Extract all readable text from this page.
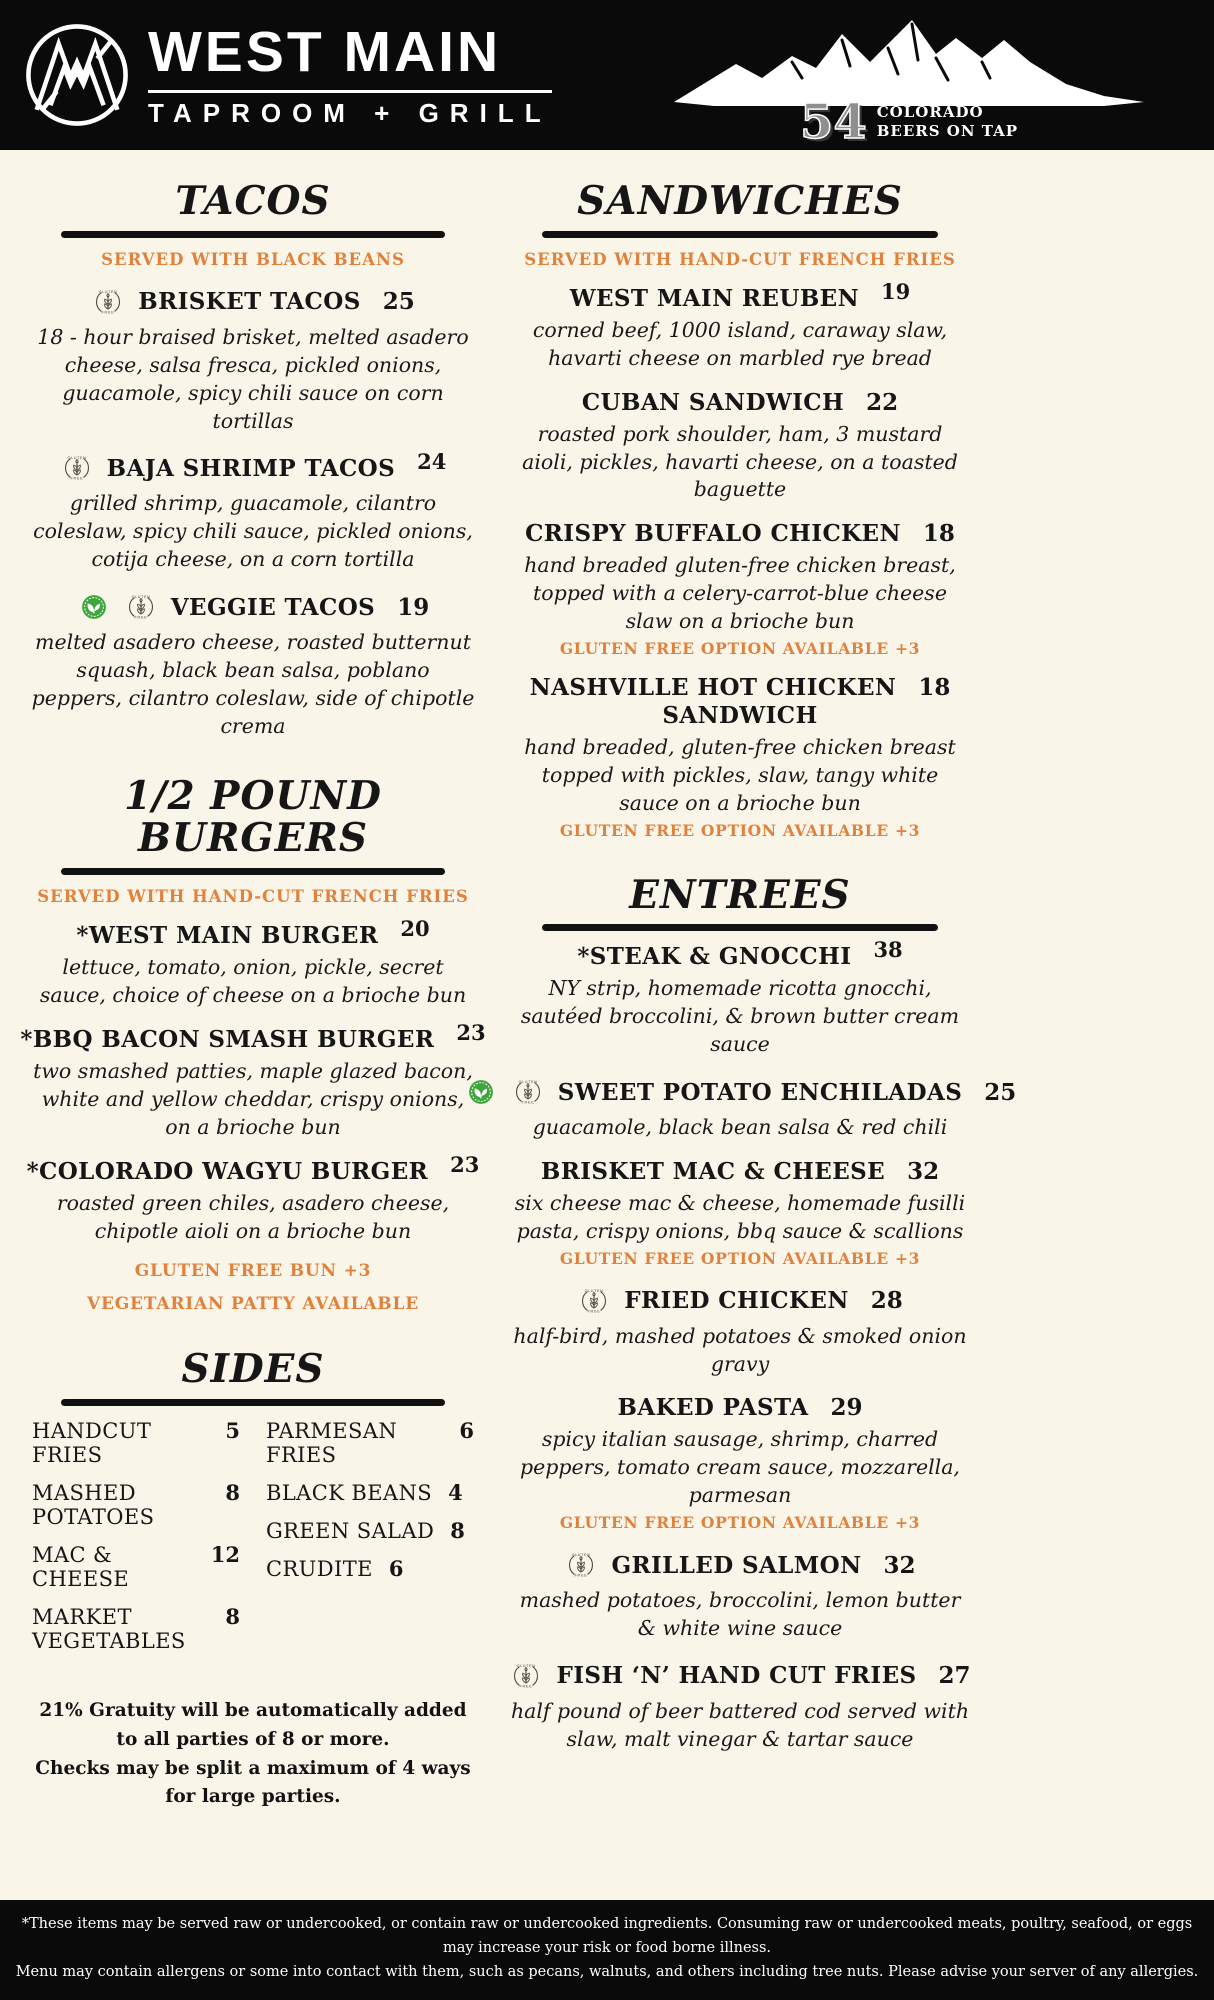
WEST MAIN
TAPROOM + GRILL	54 COLORADO
BEERS ON TAP
TACOS
SERVED WITH BLACK BEANS
GLUTEN
FREE BRISKET TACOS 25
18 - hour braised brisket, melted asadero cheese, salsa fresca, pickled onions, guacamole, spicy chili sauce on corn tortillas
GLUTEN
FREE BAJA SHRIMP TACOS 24
grilled shrimp, guacamole, cilantro coleslaw, spicy chili sauce, pickled onions, cotija cheese, on a corn tortilla
GLUTEN
FREE VEGGIE TACOS 19
melted asadero cheese, roasted butternut squash, black bean salsa, poblano peppers, cilantro coleslaw, side of chipotle crema
1/2 POUND BURGERS
SERVED WITH HAND-CUT FRENCH FRIES
*WEST MAIN BURGER 20
lettuce, tomato, onion, pickle, secret sauce, choice of cheese on a brioche bun
*BBQ BACON SMASH BURGER 23
two smashed patties, maple glazed bacon, white and yellow cheddar, crispy onions, on a brioche bun
*COLORADO WAGYU BURGER 23
roasted green chiles, asadero cheese, chipotle aioli on a brioche bun
GLUTEN FREE BUN +3
VEGETARIAN PATTY AVAILABLE
SIDES
HANDCUT FRIES
5
MASHED POTATOES
8
MAC & CHEESE
12
MARKET VEGETABLES
8
PARMESAN FRIES
6
BLACK BEANS 4
GREEN SALAD 8
CRUDITE 6
21% Gratuity will be automatically added to all parties of 8 or more.
Checks may be split a maximum of 4 ways for large parties.
SANDWICHES
SERVED WITH HAND-CUT FRENCH FRIES
WEST MAIN REUBEN 19
corned beef, 1000 island, caraway slaw, havarti cheese on marbled rye bread
CUBAN SANDWICH 22
roasted pork shoulder, ham, 3 mustard aioli, pickles, havarti cheese, on a toasted baguette
CRISPY BUFFALO CHICKEN 18
hand breaded gluten-free chicken breast, topped with a celery-carrot-blue cheese slaw on a brioche bun
GLUTEN FREE OPTION AVAILABLE +3
NASHVILLE HOT CHICKEN 18
SANDWICH
hand breaded, gluten-free chicken breast topped with pickles, slaw, tangy white sauce on a brioche bun
GLUTEN FREE OPTION AVAILABLE +3
ENTREES
*STEAK & GNOCCHI 38
NY strip, homemade ricotta gnocchi, sautéed broccolini, & brown butter cream sauce
GLUTEN
FREE SWEET POTATO ENCHILADAS 25
guacamole, black bean salsa & red chili
BRISKET MAC & CHEESE 32
six cheese mac & cheese, homemade fusilli pasta, crispy onions, bbq sauce & scallions
GLUTEN FREE OPTION AVAILABLE +3
GLUTEN
FREE FRIED CHICKEN 28
half-bird, mashed potatoes & smoked onion gravy
BAKED PASTA 29
spicy italian sausage, shrimp, charred peppers, tomato cream sauce, mozzarella, parmesan
GLUTEN FREE OPTION AVAILABLE +3
GLUTEN
FREE GRILLED SALMON 32
mashed potatoes, broccolini, lemon butter & white wine sauce
GLUTEN
FREE FISH ‘N’ HAND CUT FRIES 27
half pound of beer battered cod served with slaw, malt vinegar & tartar sauce
*These items may be served raw or undercooked, or contain raw or undercooked ingredients. Consuming raw or undercooked meats, poultry, seafood, or eggs may increase your risk or food borne illness.
Menu may contain allergens or some into contact with them, such as pecans, walnuts, and others including tree nuts. Please advise your server of any allergies.
